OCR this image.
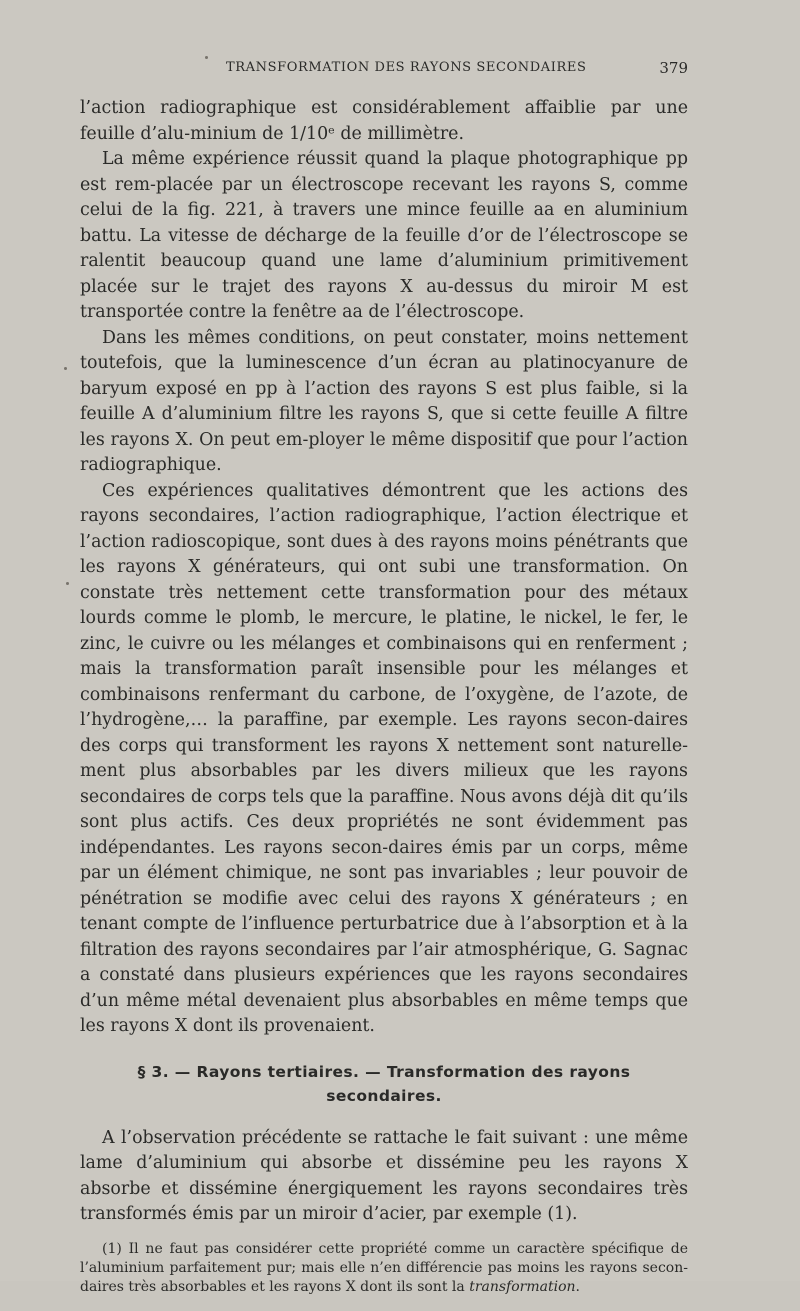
TRANSFORMATION DES RAYONS SECONDAIRES	379

l’action radiographique est considérablement affaiblie par une feuille d’alu-minium de 1/10ᵉ de millimètre.

La même expérience réussit quand la plaque photographique pp est rem-placée par un électroscope recevant les rayons S, comme celui de la fig. 221, à travers une mince feuille aa en aluminium battu. La vitesse de décharge de la feuille d’or de l’électroscope se ralentit beaucoup quand une lame d’aluminium primitivement placée sur le trajet des rayons X au-dessus du miroir M est transportée contre la fenêtre aa de l’électroscope.

Dans les mêmes conditions, on peut constater, moins nettement toutefois, que la luminescence d’un écran au platinocyanure de baryum exposé en pp à l’action des rayons S est plus faible, si la feuille A d’aluminium filtre les rayons S, que si cette feuille A filtre les rayons X. On peut em-ployer le même dispositif que pour l’action radiographique.

Ces expériences qualitatives démontrent que les actions des rayons secondaires, l’action radiographique, l’action électrique et l’action radioscopique, sont dues à des rayons moins pénétrants que les rayons X générateurs, qui ont subi une transformation. On constate très nettement cette transformation pour des métaux lourds comme le plomb, le mercure, le platine, le nickel, le fer, le zinc, le cuivre ou les mélanges et combinaisons qui en renferment ; mais la transformation paraît insensible pour les mélanges et combinaisons renfermant du carbone, de l’oxygène, de l’azote, de l’hydrogène,… la paraffine, par exemple. Les rayons secon-daires des corps qui transforment les rayons X nettement sont naturelle-ment plus absorbables par les divers milieux que les rayons secondaires de corps tels que la paraffine. Nous avons déjà dit qu’ils sont plus actifs. Ces deux propriétés ne sont évidemment pas indépendantes. Les rayons secon-daires émis par un corps, même par un élément chimique, ne sont pas invariables ; leur pouvoir de pénétration se modifie avec celui des rayons X générateurs ; en tenant compte de l’influence perturbatrice due à l’absorption et à la filtration des rayons secondaires par l’air atmosphérique, G. Sagnac a constaté dans plusieurs expériences que les rayons secondaires d’un même métal devenaient plus absorbables en même temps que les rayons X dont ils provenaient.

§ 3. — Rayons tertiaires. — Transformation des rayons
secondaires.

A l’observation précédente se rattache le fait suivant : une même lame d’aluminium qui absorbe et dissémine peu les rayons X absorbe et dissémine énergiquement les rayons secondaires très transformés émis par un miroir d’acier, par exemple (1).

(1) Il ne faut pas considérer cette propriété comme un caractère spécifique de l’aluminium parfaitement pur; mais elle n’en différencie pas moins les rayons secon-daires très absorbables et les rayons X dont ils sont la transformation.
